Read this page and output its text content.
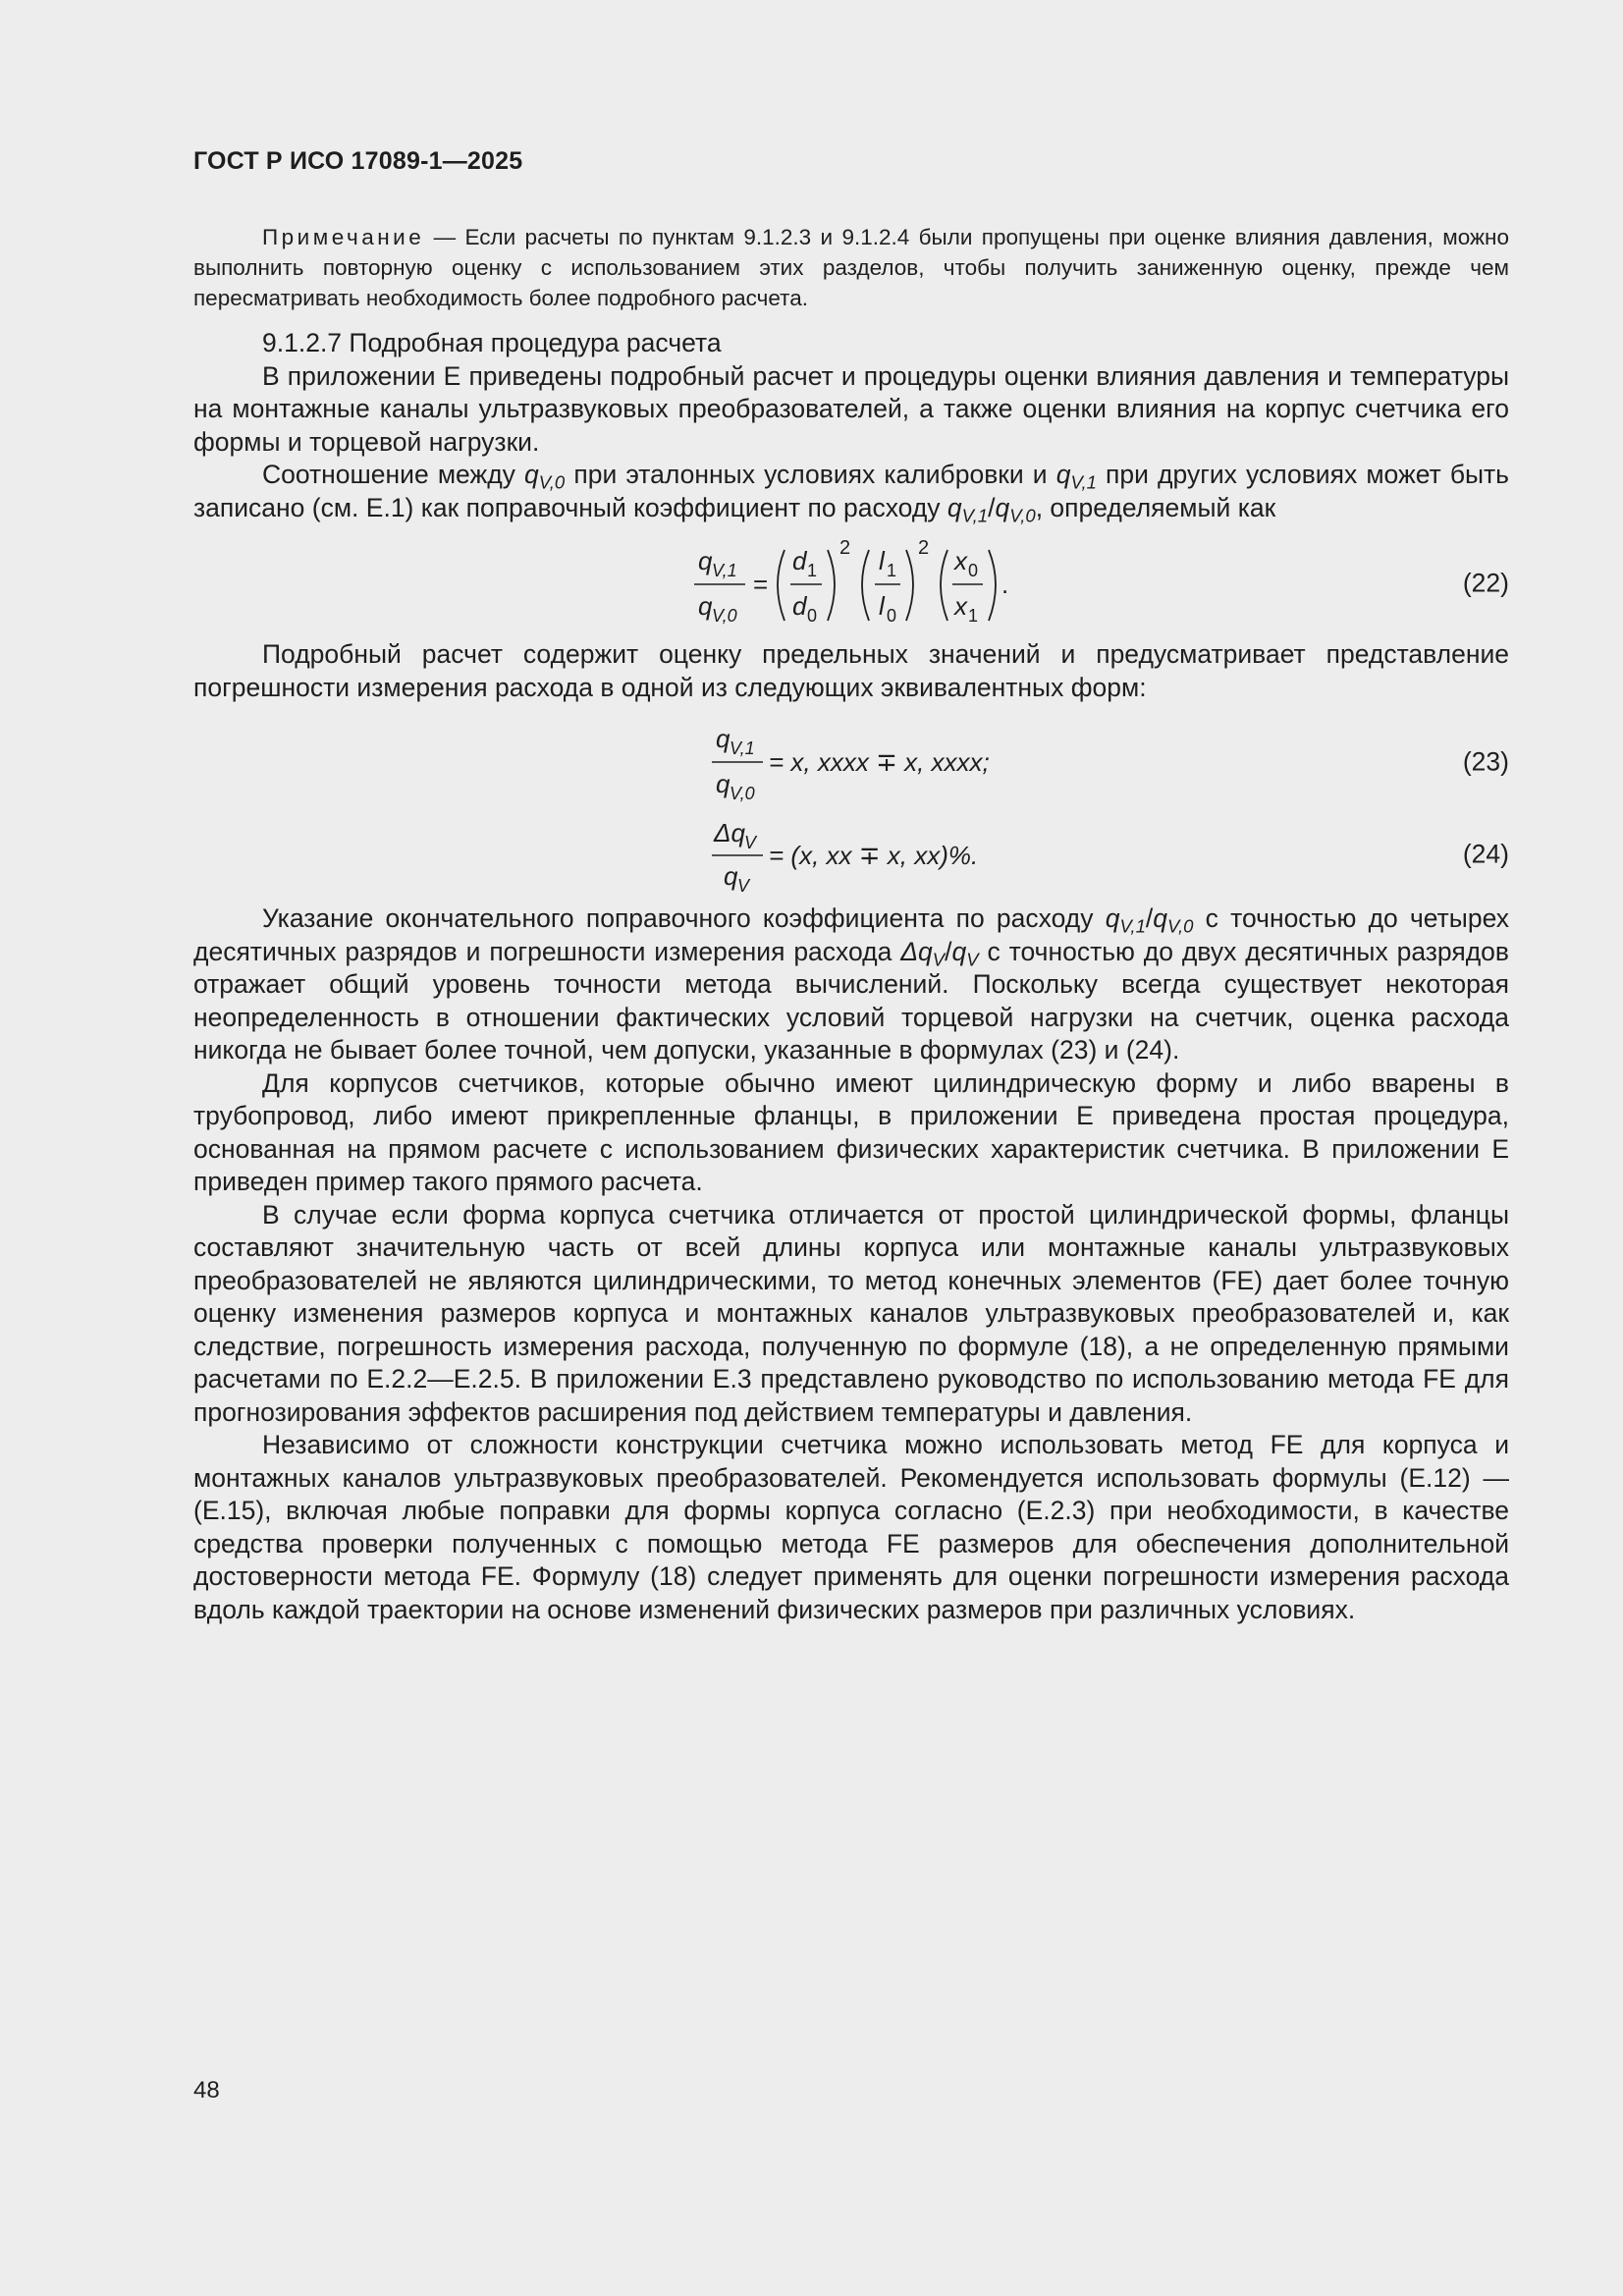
ГОСТ Р ИСО 17089-1—2025

Примечание — Если расчеты по пунктам 9.1.2.3 и 9.1.2.4 были пропущены при оценке влияния давления, можно выполнить повторную оценку с использованием этих разделов, чтобы получить заниженную оценку, прежде чем пересматривать необходимость более подробного расчета.

9.1.2.7 Подробная процедура расчета

В приложении Е приведены подробный расчет и процедуры оценки влияния давления и температуры на монтажные каналы ультразвуковых преобразователей, а также оценки влияния на корпус счетчика его формы и торцевой нагрузки.

Соотношение между $q_{V,0}$ при эталонных условиях калибровки и $q_{V,1}$ при других условиях может быть записано (см. Е.1) как поправочный коэффициент по расходу $q_{V,1}/q_{V,0}$, определяемый как

q V,1
q V,0
=
d 1
d 0
2 l 1
l 0
2 x 0
x 1
.	(22)

Подробный расчет содержит оценку предельных значений и предусматривает представление погрешности измерения расхода в одной из следующих эквивалентных форм:

q V,1
q V,0
= x, xxxx ∓ x, xxxx;	(23)
Δq V
q V
= (x, xx ∓ x, xx)%.	(24)

Указание окончательного поправочного коэффициента по расходу $q_{V,1}/q_{V,0}$ с точностью до четырех десятичных разрядов и погрешности измерения расхода $\Delta q_V/q_V$ с точностью до двух десятичных разрядов отражает общий уровень точности метода вычислений. Поскольку всегда существует некоторая неопределенность в отношении фактических условий торцевой нагрузки на счетчик, оценка расхода никогда не бывает более точной, чем допуски, указанные в формулах (23) и (24).

Для корпусов счетчиков, которые обычно имеют цилиндрическую форму и либо вварены в трубопровод, либо имеют прикрепленные фланцы, в приложении Е приведена простая процедура, основанная на прямом расчете с использованием физических характеристик счетчика. В приложении Е приведен пример такого прямого расчета.

В случае если форма корпуса счетчика отличается от простой цилиндрической формы, фланцы составляют значительную часть от всей длины корпуса или монтажные каналы ультразвуковых преобразователей не являются цилиндрическими, то метод конечных элементов (FE) дает более точную оценку изменения размеров корпуса и монтажных каналов ультразвуковых преобразователей и, как следствие, погрешность измерения расхода, полученную по формуле (18), а не определенную прямыми расчетами по Е.2.2—Е.2.5. В приложении Е.3 представлено руководство по использованию метода FE для прогнозирования эффектов расширения под действием температуры и давления.

Независимо от сложности конструкции счетчика можно использовать метод FE для корпуса и монтажных каналов ультразвуковых преобразователей. Рекомендуется использовать формулы (Е.12) — (Е.15), включая любые поправки для формы корпуса согласно (Е.2.3) при необходимости, в качестве средства проверки полученных с помощью метода FE размеров для обеспечения дополнительной достоверности метода FE. Формулу (18) следует применять для оценки погрешности измерения расхода вдоль каждой траектории на основе изменений физических размеров при различных условиях.

48
